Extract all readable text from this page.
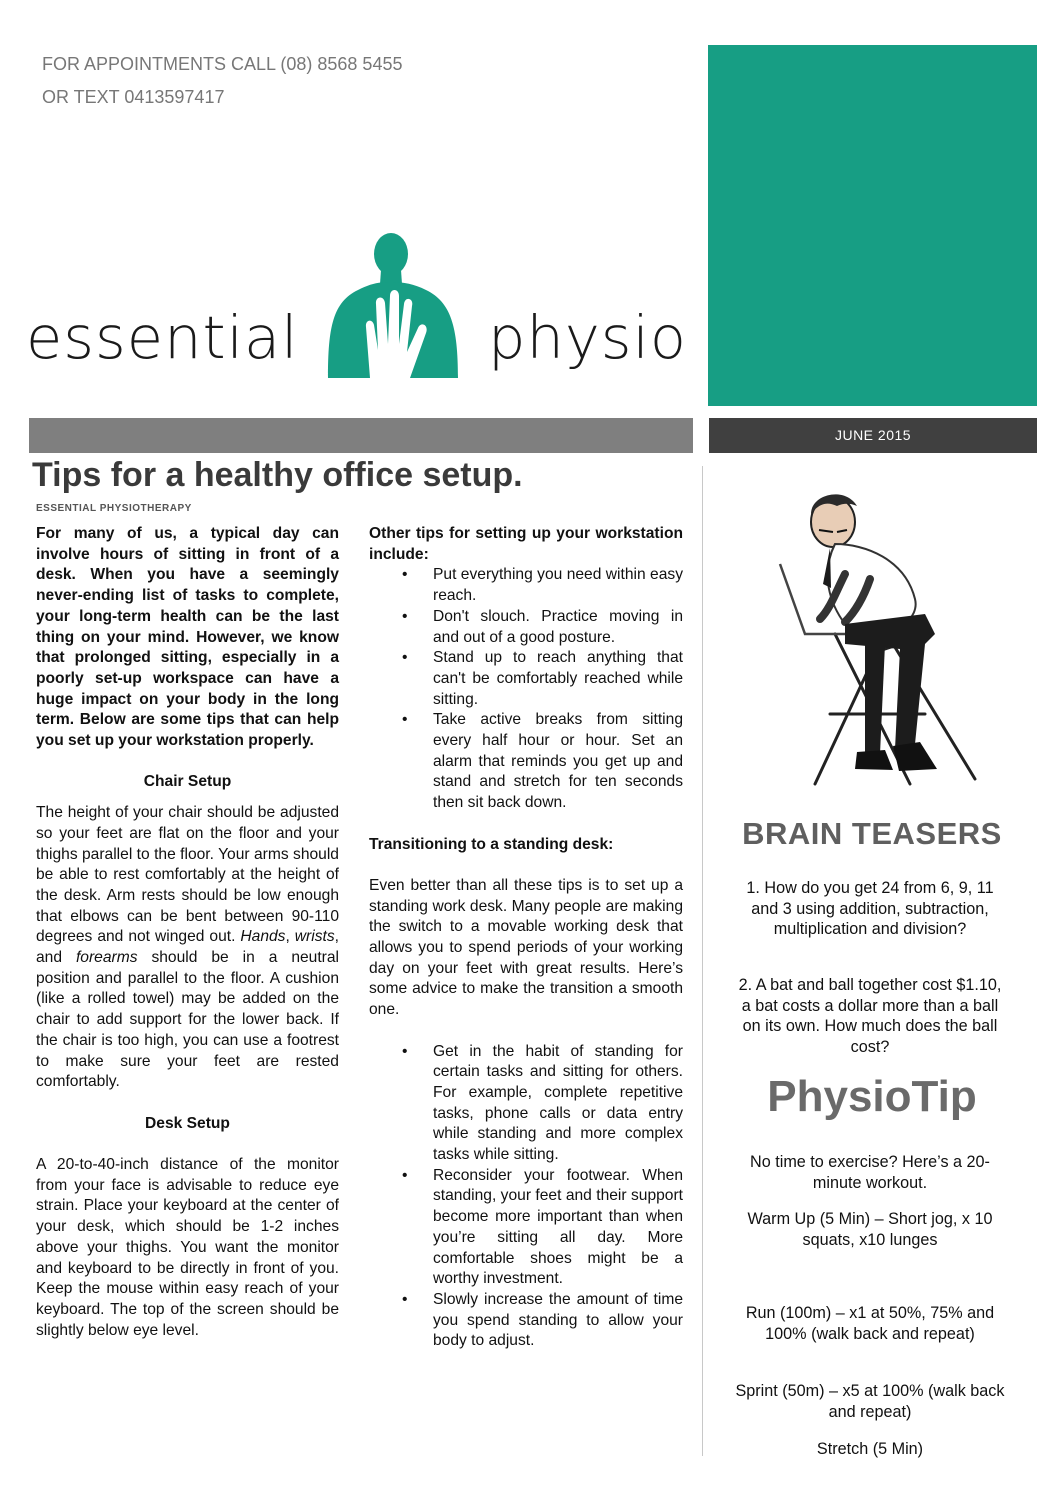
FOR APPOINTMENTS CALL (08) 8568 5455
OR TEXT 0413597417
essential	physio
JUNE 2015
Tips for a healthy office setup.
ESSENTIAL PHYSIOTHERAPY

For many of us, a typical day can involve hours of sitting in front of a desk. When you have a seemingly never-ending list of tasks to complete, your long-term health can be the last thing on your mind. However, we know that prolonged sitting, especially in a poorly set-up workspace can have a huge impact on your body in the long term. Below are some tips that can help you set up your workstation properly.

Chair Setup

The height of your chair should be adjusted so your feet are flat on the floor and your thighs parallel to the floor. Your arms should be able to rest comfortably at the height of the desk. Arm rests should be low enough that elbows can be bent between 90-110 degrees and not winged out. Hands, wrists, and forearms should be in a neutral position and parallel to the floor. A cushion (like a rolled towel) may be added on the chair to add support for the lower back. If the chair is too high, you can use a footrest to make sure your feet are rested comfortably.

Desk Setup

A 20-to-40-inch distance of the monitor from your face is advisable to reduce eye strain. Place your keyboard at the center of your desk, which should be 1-2 inches above your thighs. You want the monitor and keyboard to be directly in front of you. Keep the mouse within easy reach of your keyboard. The top of the screen should be slightly below eye level.

Other tips for setting up your workstation include:

• Put everything you need within easy reach.
• Don't slouch. Practice moving in and out of a good posture.
• Stand up to reach anything that can't be comfortably reached while sitting.
• Take active breaks from sitting every half hour or hour. Set an alarm that reminds you get up and stand and stretch for ten seconds then sit back down.

Transitioning to a standing desk:

Even better than all these tips is to set up a standing work desk. Many people are making the switch to a movable working desk that allows you to spend periods of your working day on your feet with great results. Here’s some advice to make the transition a smooth one.

• Get in the habit of standing for certain tasks and sitting for others. For example, complete repetitive tasks, phone calls or data entry while standing and more complex tasks while sitting.
• Reconsider your footwear. When standing, your feet and their support become more important than when you’re sitting all day. More comfortable shoes might be a worthy investment.
• Slowly increase the amount of time you spend standing to allow your body to adjust.
BRAIN TEASERS
1. How do you get 24 from 6, 9, 11 and 3 using addition, subtraction, multiplication and division?
2. A bat and ball together cost $1.10, a bat costs a dollar more than a ball on its own. How much does the ball cost?
PhysioTip
No time to exercise? Here’s a 20-minute workout.
Warm Up (5 Min) – Short jog, x 10 squats, x10 lunges
Run (100m) – x1 at 50%, 75% and 100% (walk back and repeat)
Sprint (50m) – x5 at 100% (walk back and repeat)
Stretch (5 Min)
